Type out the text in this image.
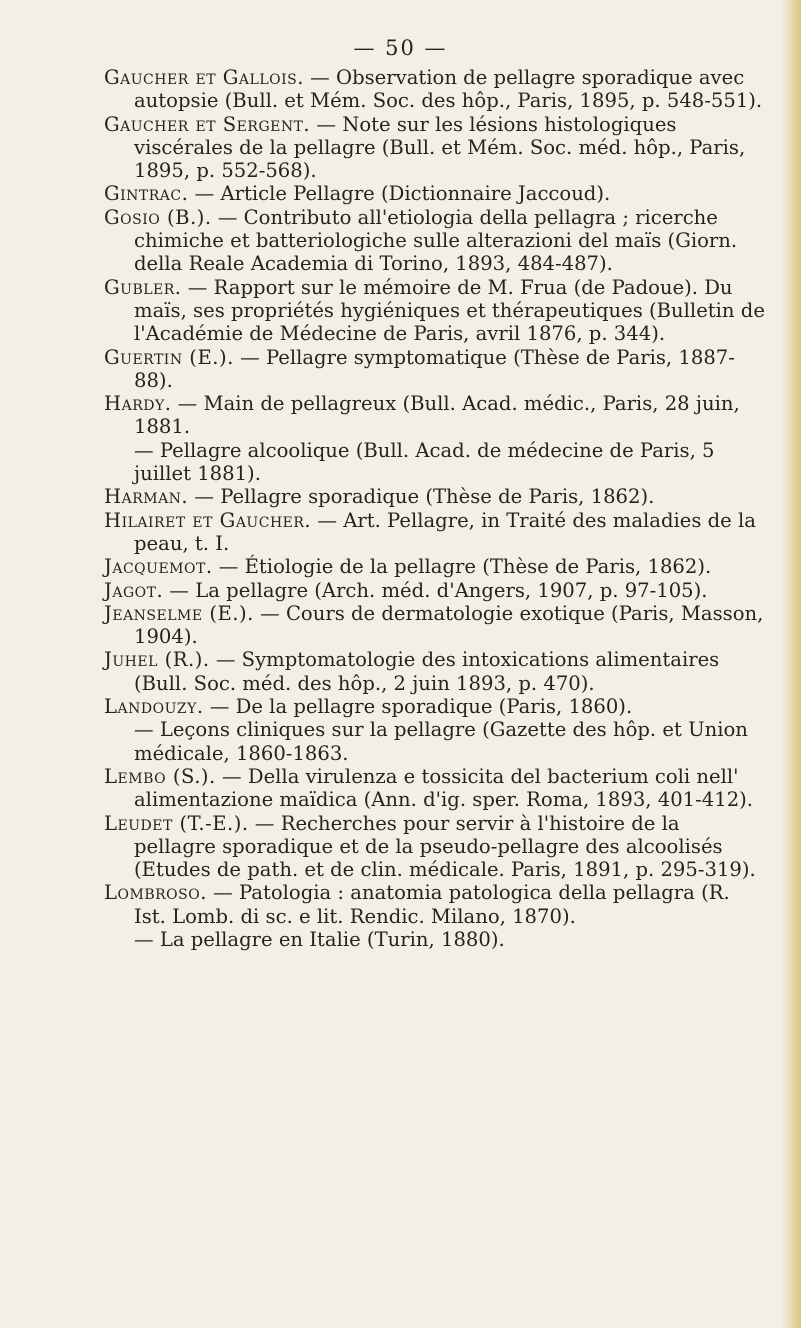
— 50 —

Gaucher et Gallois. — Observation de pellagre sporadique avec autopsie (Bull. et Mém. Soc. des hôp., Paris, 1895, p. 548-551).

Gaucher et Sergent. — Note sur les lésions histologiques viscérales de la pellagre (Bull. et Mém. Soc. méd. hôp., Paris, 1895, p. 552-568).

Gintrac. — Article Pellagre (Dictionnaire Jaccoud).

Gosio (B.). — Contributo all'etiologia della pellagra ; ricerche chimiche et batteriologiche sulle alterazioni del maïs (Giorn. della Reale Academia di Torino, 1893, 484-487).

Gubler. — Rapport sur le mémoire de M. Frua (de Padoue). Du maïs, ses propriétés hygiéniques et thérapeutiques (Bulletin de l'Académie de Médecine de Paris, avril 1876, p. 344).

Guertin (E.). — Pellagre symptomatique (Thèse de Paris, 1887-88).

Hardy. — Main de pellagreux (Bull. Acad. médic., Paris, 28 juin, 1881.

— Pellagre alcoolique (Bull. Acad. de médecine de Paris, 5 juillet 1881).

Harman. — Pellagre sporadique (Thèse de Paris, 1862).

Hilairet et Gaucher. — Art. Pellagre, in Traité des maladies de la peau, t. I.

Jacquemot. — Étiologie de la pellagre (Thèse de Paris, 1862).

Jagot. — La pellagre (Arch. méd. d'Angers, 1907, p. 97-105).

Jeanselme (E.). — Cours de dermatologie exotique (Paris, Masson, 1904).

Juhel (R.). — Symptomatologie des intoxications alimentaires (Bull. Soc. méd. des hôp., 2 juin 1893, p. 470).

Landouzy. — De la pellagre sporadique (Paris, 1860).

— Leçons cliniques sur la pellagre (Gazette des hôp. et Union médicale, 1860-1863.

Lembo (S.). — Della virulenza e tossicita del bacterium coli nell' alimentazione maïdica (Ann. d'ig. sper. Roma, 1893, 401-412).

Leudet (T.-E.). — Recherches pour servir à l'histoire de la pellagre sporadique et de la pseudo-pellagre des alcoolisés (Etudes de path. et de clin. médicale. Paris, 1891, p. 295-319).

Lombroso. — Patologia : anatomia patologica della pellagra (R. Ist. Lomb. di sc. e lit. Rendic. Milano, 1870).

— La pellagre en Italie (Turin, 1880).
